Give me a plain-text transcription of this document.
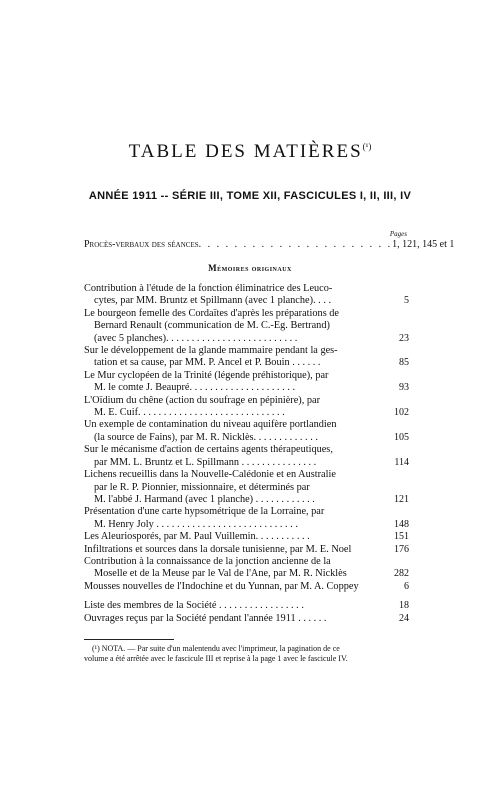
TABLE DES $MATIÈRES^{(^1)}$
ANNÉE 1911 -- SÉRIE III, TOME XII, FASCICULES I, II, III, IV
Pages
Procès-verbaux des séances . . . . . . . . . . . . . . . . . . . . . . 1, 121, 145 et 1
Mémoires originaux
Contribution à l'étude de la fonction éliminatrice des Leuco-
cytes, par MM. Bruntz et Spillmann (avec 1 planche). . . .	5
Le bourgeon femelle des Cordaïtes d'après les préparations de
Bernard Renault (communication de M. C.-Eg. Bertrand)
(avec 5 planches). . . . . . . . . . . . . . . . . . . . . . . . . .	23
Sur le développement de la glande mammaire pendant la ges-
tation et sa cause, par MM. P. Ancel et P. Bouin . . . . . .	85
Le Mur cyclopéen de la Trinité (légende préhistorique), par
M. le comte J. Beaupré. . . . . . . . . . . . . . . . . . . . .	93
L'Oïdium du chêne (action du soufrage en pépinière), par
M. E. Cuif. . . . . . . . . . . . . . . . . . . . . . . . . . . . .	102
Un exemple de contamination du niveau aquifère portlandien
(la source de Fains), par M. R. Nicklès. . . . . . . . . . . . .	105
Sur le mécanisme d'action de certains agents thérapeutiques,
par MM. L. Bruntz et L. Spillmann . . . . . . . . . . . . . . .	114
Lichens recueillis dans la Nouvelle-Calédonie et en Australie
par le R. P. Pionnier, missionnaire, et déterminés par
M. l'abbé J. Harmand (avec 1 planche) . . . . . . . . . . . .	121
Présentation d'une carte hypsométrique de la Lorraine, par
M. Henry Joly . . . . . . . . . . . . . . . . . . . . . . . . . . . .	148
Les Aleuriosporés, par M. Paul Vuillemin. . . . . . . . . . .	151
Infiltrations et sources dans la dorsale tunisienne, par M. E. Noel	176
Contribution à la connaissance de la jonction ancienne de la
Moselle et de la Meuse par le Val de l'Ane, par M. R. Nicklès	282
Mousses nouvelles de l'Indochine et du Yunnan, par M. A. Coppey	6
Liste des membres de la Société . . . . . . . . . . . . . . . . .	18
Ouvrages reçus par la Société pendant l'année 1911 . . . . . .	24
(¹) NOTA. — Par suite d'un malentendu avec l'imprimeur, la pagination de ce
volume a été arrêtée avec le fascicule III et reprise à la page 1 avec le fascicule IV.
